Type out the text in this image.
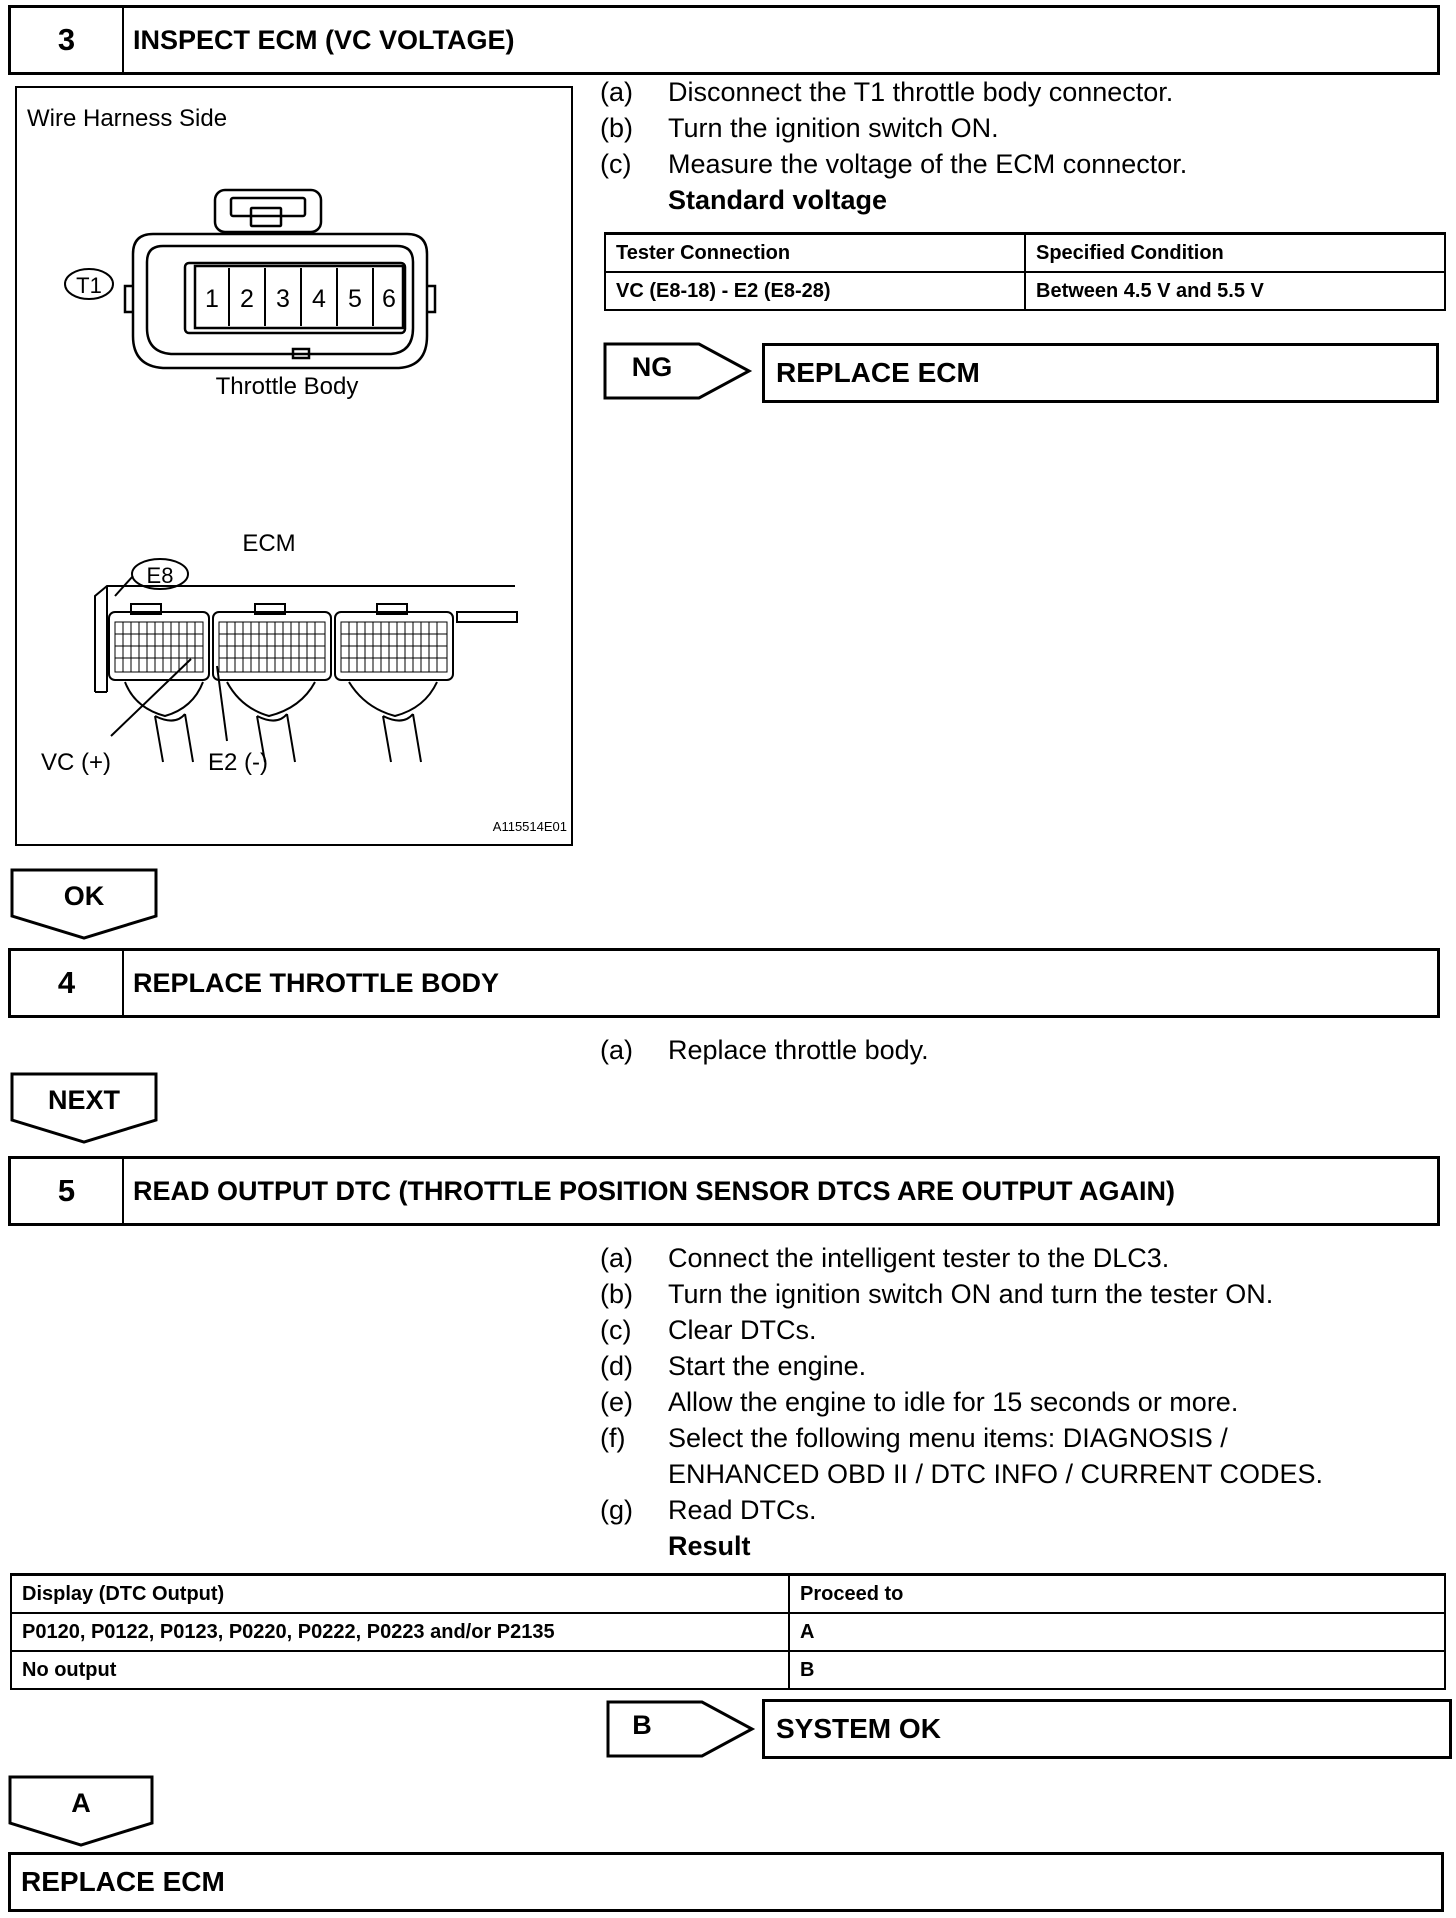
3	INSPECT ECM (VC VOLTAGE)
Wire Harness Side
T1	1 2 3 4 5 6
Throttle Body
ECM
E8
VC (+)	E2 (-)
A115514E01
(a)	Disconnect the T1 throttle body connector.
(b)	Turn the ignition switch ON.
(c)	Measure the voltage of the ECM connector.
Standard voltage
Tester Connection	Specified Condition
VC (E8-18) - E2 (E8-28)	Between 4.5 V and 5.5 V
NG	REPLACE ECM
OK
4	REPLACE THROTTLE BODY
(a)	Replace throttle body.
NEXT
5	READ OUTPUT DTC (THROTTLE POSITION SENSOR DTCS ARE OUTPUT AGAIN)
(a)	Connect the intelligent tester to the DLC3.
(b)	Turn the ignition switch ON and turn the tester ON.
(c)	Clear DTCs.
(d)	Start the engine.
(e)	Allow the engine to idle for 15 seconds or more.
(f)	Select the following menu items: DIAGNOSIS /
ENHANCED OBD II / DTC INFO / CURRENT CODES.
(g)	Read DTCs.
Result
Display (DTC Output)	Proceed to
P0120, P0122, P0123, P0220, P0222, P0223 and/or P2135	A
No output	B
B	SYSTEM OK
A
REPLACE ECM
